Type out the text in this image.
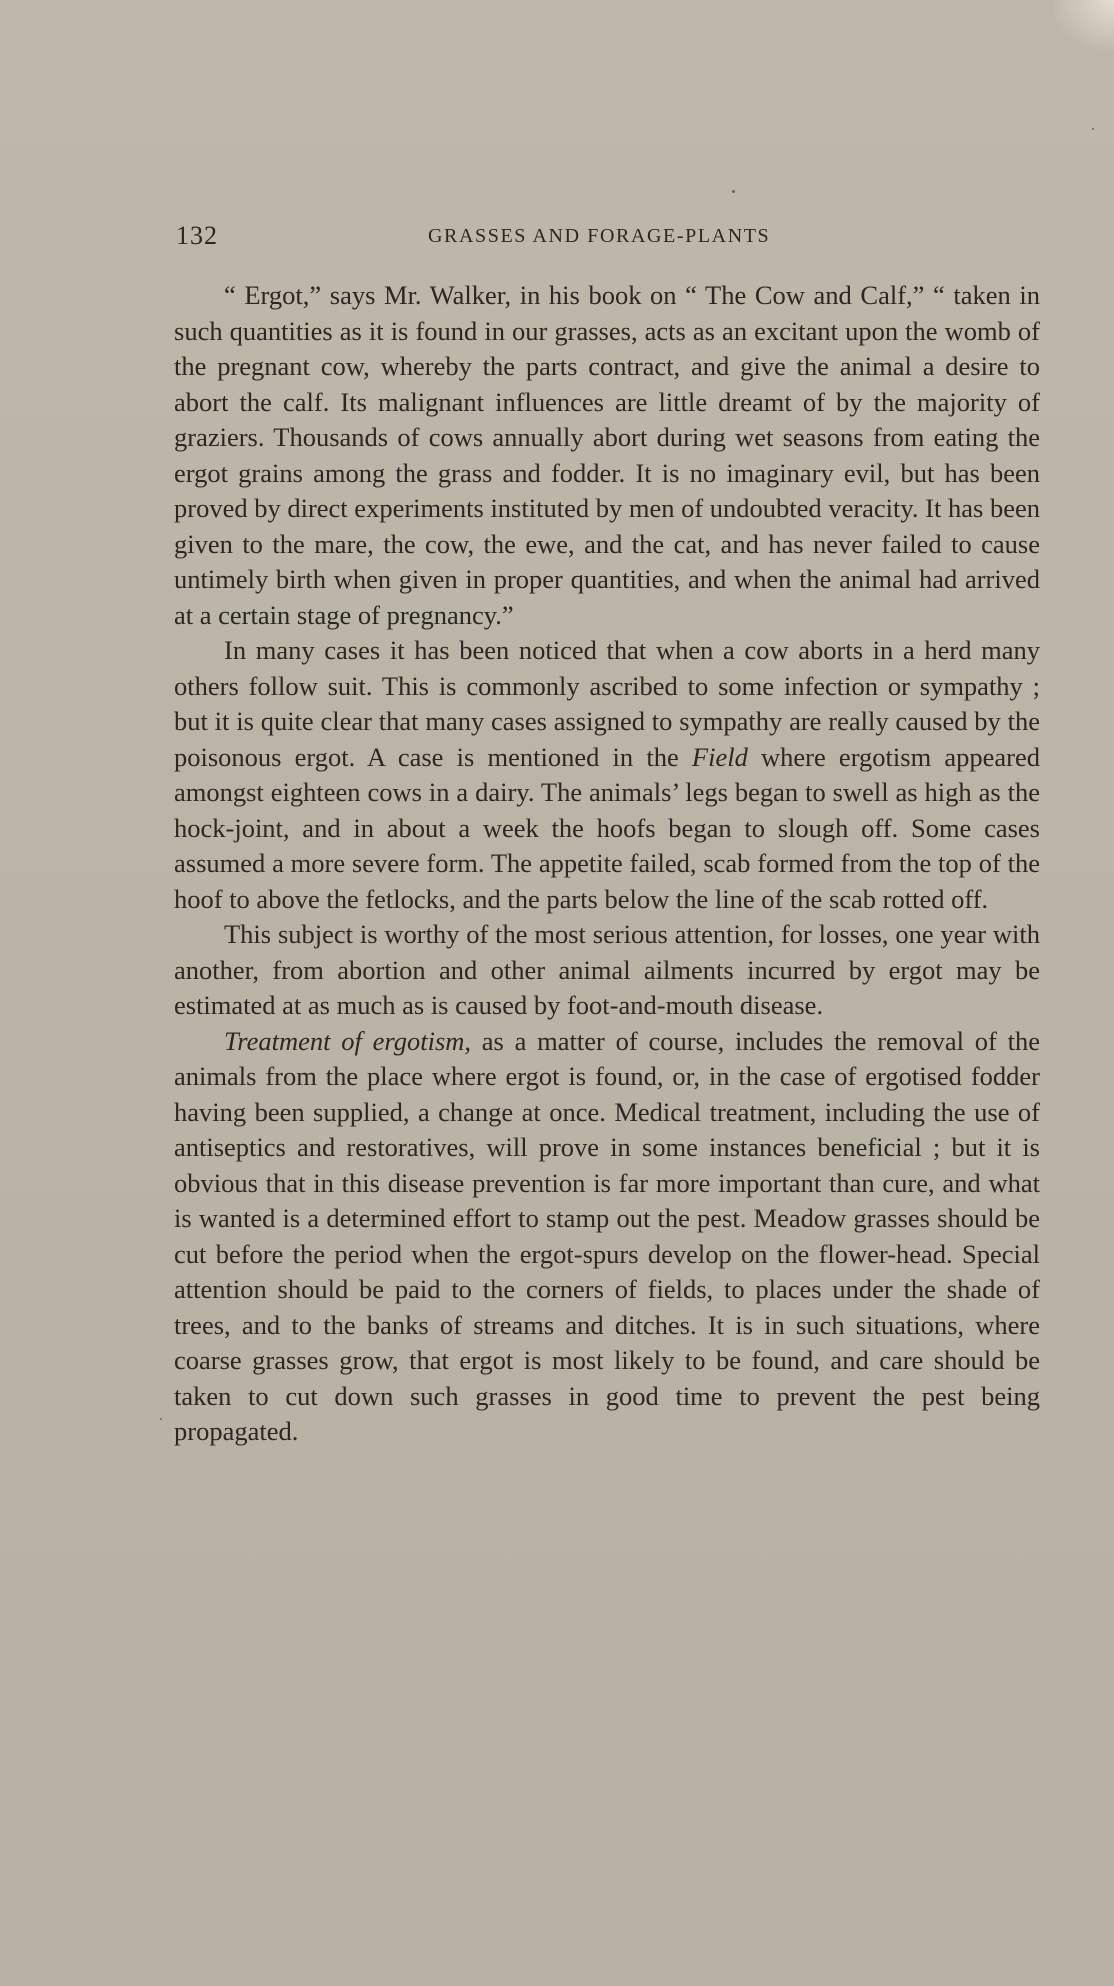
132	GRASSES AND FORAGE-PLANTS

“ Ergot,” says Mr. Walker, in his book on “ The Cow and Calf,” “ taken in such quantities as it is found in our grasses, acts as an excitant upon the womb of the pregnant cow, whereby the parts contract, and give the animal a desire to abort the calf. Its malignant influences are little dreamt of by the majority of graziers. Thousands of cows annually abort during wet seasons from eating the ergot grains among the grass and fodder. It is no imaginary evil, but has been proved by direct experiments instituted by men of undoubted veracity. It has been given to the mare, the cow, the ewe, and the cat, and has never failed to cause untimely birth when given in proper quantities, and when the animal had arrived at a certain stage of pregnancy.”

In many cases it has been noticed that when a cow aborts in a herd many others follow suit. This is commonly ascribed to some infection or sympathy ; but it is quite clear that many cases assigned to sympathy are really caused by the poisonous ergot. A case is mentioned in the Field where ergotism appeared amongst eighteen cows in a dairy. The animals’ legs began to swell as high as the hock-joint, and in about a week the hoofs began to slough off. Some cases assumed a more severe form. The appetite failed, scab formed from the top of the hoof to above the fetlocks, and the parts below the line of the scab rotted off.

This subject is worthy of the most serious attention, for losses, one year with another, from abortion and other animal ailments incurred by ergot may be estimated at as much as is caused by foot-and-mouth disease.

Treatment of ergotism, as a matter of course, includes the removal of the animals from the place where ergot is found, or, in the case of ergotised fodder having been supplied, a change at once. Medical treatment, including the use of antiseptics and restoratives, will prove in some instances beneficial ; but it is obvious that in this disease prevention is far more important than cure, and what is wanted is a determined effort to stamp out the pest. Meadow grasses should be cut before the period when the ergot-spurs develop on the flower-head. Special attention should be paid to the corners of fields, to places under the shade of trees, and to the banks of streams and ditches. It is in such situations, where coarse grasses grow, that ergot is most likely to be found, and care should be taken to cut down such grasses in good time to prevent the pest being propagated.
